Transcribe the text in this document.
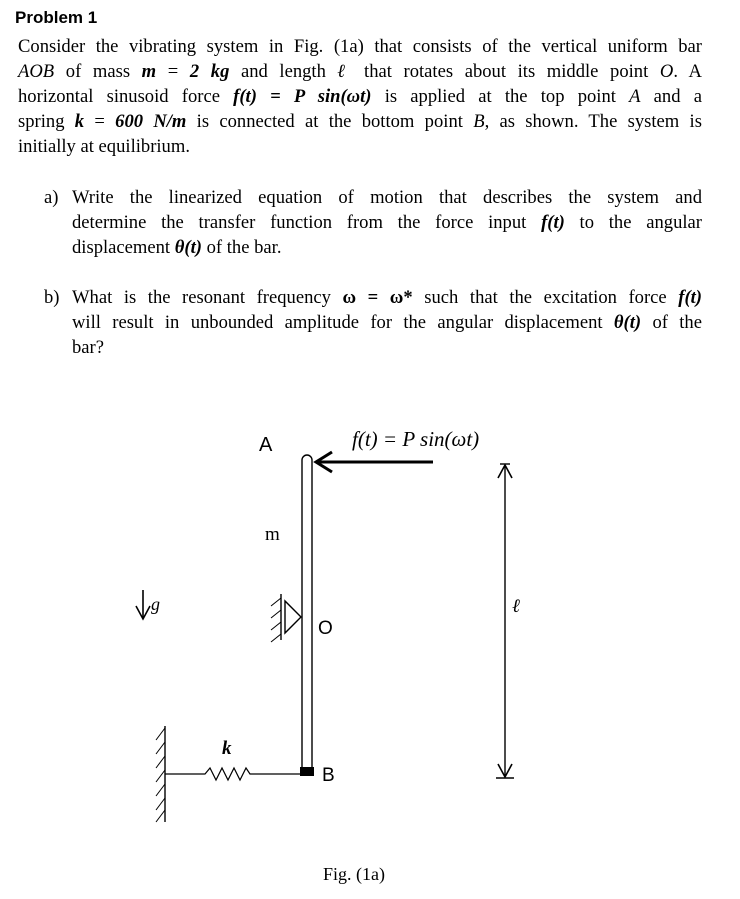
Problem 1
Consider the vibrating system in Fig. (1a) that consists of the vertical uniform bar
AOB of mass m = 2 kg and length ℓ that rotates about its middle point O. A
horizontal sinusoid force f(t) = P sin(ωt) is applied at the top point A and a
spring k = 600 N/m is connected at the bottom point B, as shown. The system is
initially at equilibrium.
a) Write the linearized equation of motion that describes the system and
determine the transfer function from the force input f(t) to the angular
displacement θ(t) of the bar.
b) What is the resonant frequency ω = ω* such that the excitation force f(t)
will result in unbounded amplitude for the angular displacement θ(t) of the
bar?
g
k
A
m
O
B
f(t) = P sin(ωt)
ℓ
Fig. (1a)
